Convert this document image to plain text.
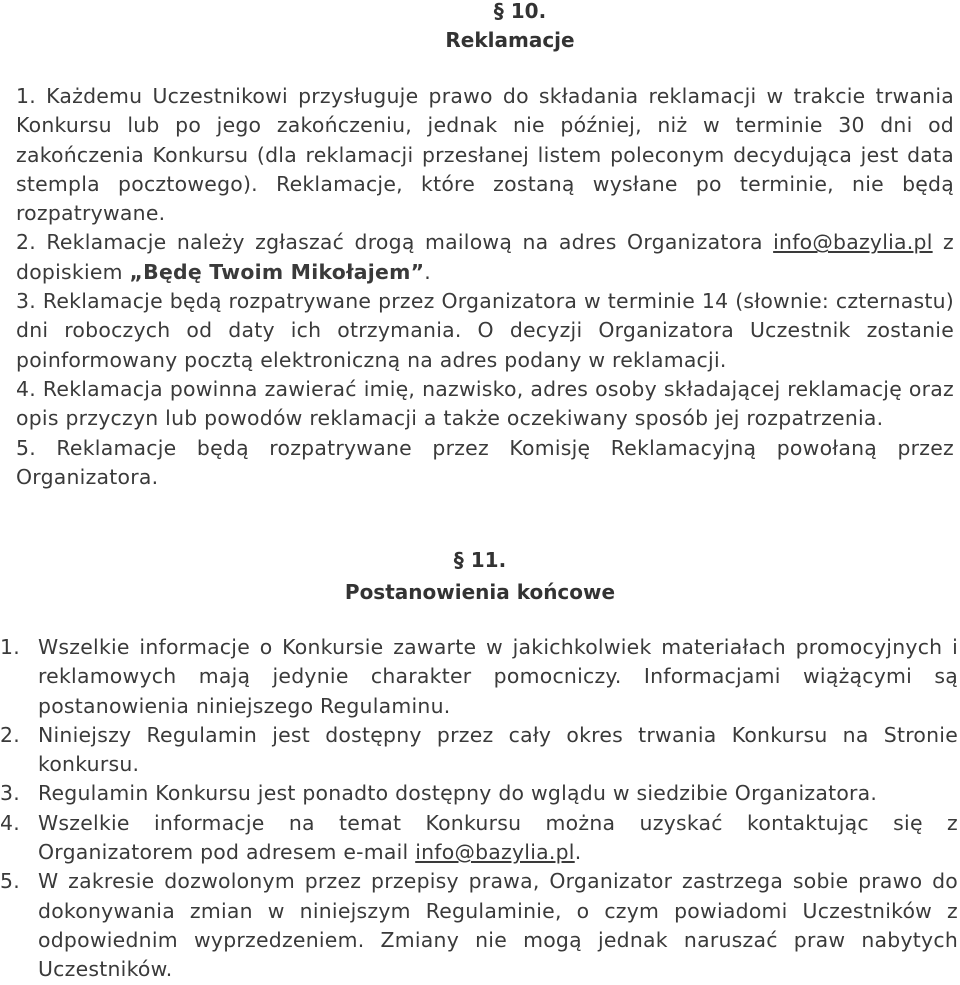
§ 10.
Reklamacje
1. Każdemu Uczestnikowi przysługuje prawo do składania reklamacji w trakcie trwania Konkursu lub po jego zakończeniu, jednak nie później, niż w terminie 30 dni od zakończenia Konkursu (dla reklamacji przesłanej listem poleconym decydująca jest data stempla pocztowego). Reklamacje, które zostaną wysłane po terminie, nie będą rozpatrywane.
2. Reklamacje należy zgłaszać drogą mailową na adres Organizatora info@bazylia.pl z dopiskiem „Będę Twoim Mikołajem”.
3. Reklamacje będą rozpatrywane przez Organizatora w terminie 14 (słownie: czternastu) dni roboczych od daty ich otrzymania. O decyzji Organizatora Uczestnik zostanie poinformowany pocztą elektroniczną na adres podany w reklamacji.
4. Reklamacja powinna zawierać imię, nazwisko, adres osoby składającej reklamację oraz opis przyczyn lub powodów reklamacji a także oczekiwany sposób jej rozpatrzenia.
5. Reklamacje będą rozpatrywane przez Komisję Reklamacyjną powołaną przez Organizatora.
§ 11.
Postanowienia końcowe
1. Wszelkie informacje o Konkursie zawarte w jakichkolwiek materiałach promocyjnych i reklamowych mają jedynie charakter pomocniczy. Informacjami wiążącymi są postanowienia niniejszego Regulaminu.
2. Niniejszy Regulamin jest dostępny przez cały okres trwania Konkursu na Stronie konkursu.
3. Regulamin Konkursu jest ponadto dostępny do wglądu w siedzibie Organizatora.
4. Wszelkie informacje na temat Konkursu można uzyskać kontaktując się z Organizatorem pod adresem e-mail info@bazylia.pl.
5. W zakresie dozwolonym przez przepisy prawa, Organizator zastrzega sobie prawo do dokonywania zmian w niniejszym Regulaminie, o czym powiadomi Uczestników z odpowiednim wyprzedzeniem. Zmiany nie mogą jednak naruszać praw nabytych Uczestników.
